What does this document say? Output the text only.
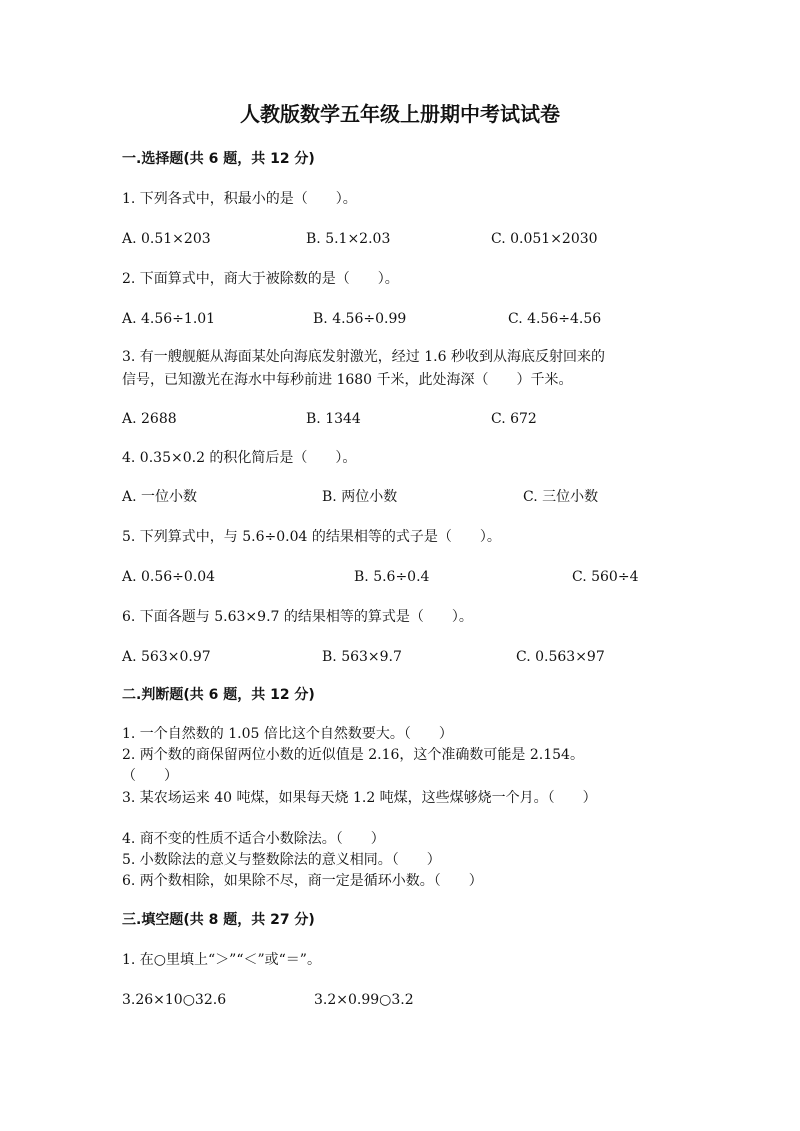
人教版数学五年级上册期中考试试卷
一.选择题(共 6 题，共 12 分)
1. 下列各式中，积最小的是（　　）。
A. 0.51×203	B. 5.1×2.03	C. 0.051×2030
2. 下面算式中，商大于被除数的是（　　）。
A. 4.56÷1.01	B. 4.56÷0.99	C. 4.56÷4.56
3. 有一艘舰艇从海面某处向海底发射激光，经过 1.6 秒收到从海底反射回来的
信号，已知激光在海水中每秒前进 1680 千米，此处海深（　　）千米。
A. 2688	B. 1344	C. 672
4. 0.35×0.2 的积化简后是（　　）。
A. 一位小数	B. 两位小数	C. 三位小数
5. 下列算式中，与 5.6÷0.04 的结果相等的式子是（　　）。
A. 0.56÷0.04	B. 5.6÷0.4	C. 560÷4
6. 下面各题与 5.63×9.7 的结果相等的算式是（　　）。
A. 563×0.97	B. 563×9.7	C. 0.563×97
二.判断题(共 6 题，共 12 分)
1. 一个自然数的 1.05 倍比这个自然数要大。（　　）
2. 两个数的商保留两位小数的近似值是 2.16，这个准确数可能是 2.154。
（　　）
3. 某农场运来 40 吨煤，如果每天烧 1.2 吨煤，这些煤够烧一个月。（　　）
4. 商不变的性质不适合小数除法。（　　）
5. 小数除法的意义与整数除法的意义相同。（　　）
6. 两个数相除，如果除不尽，商一定是循环小数。（　　）
三.填空题(共 8 题，共 27 分)
1. 在○里填上“＞”“＜”或“＝”。
3.26×10○32.6	3.2×0.99○3.2
